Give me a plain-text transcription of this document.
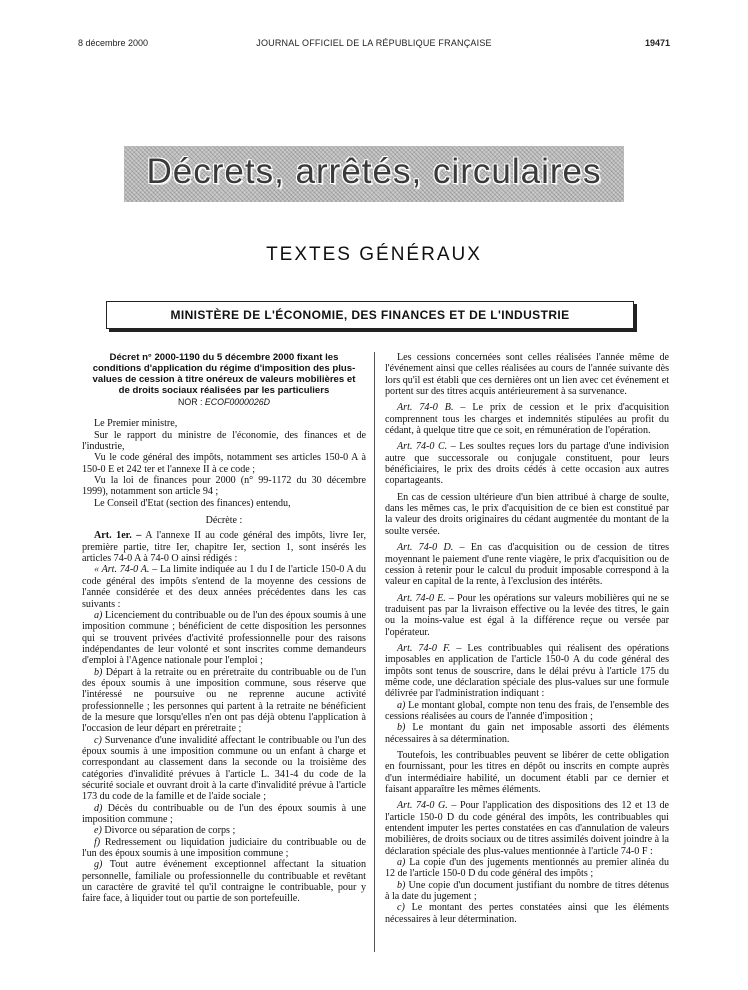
8 décembre 2000	JOURNAL OFFICIEL DE LA RÉPUBLIQUE FRANÇAISE	19471
Décrets, arrêtés, circulaires
TEXTES GÉNÉRAUX
MINISTÈRE DE L'ÉCONOMIE, DES FINANCES ET DE L'INDUSTRIE
Décret n° 2000-1190 du 5 décembre 2000 fixant les conditions d'application du régime d'imposition des plus-values de cession à titre onéreux de valeurs mobilières et de droits sociaux réalisées par les particuliers
NOR : ECOF0000026D

Le Premier ministre,

Sur le rapport du ministre de l'économie, des finances et de l'industrie,

Vu le code général des impôts, notamment ses articles 150-0 A à 150-0 E et 242 ter et l'annexe II à ce code ;

Vu la loi de finances pour 2000 (n° 99-1172 du 30 décembre 1999), notamment son article 94 ;

Le Conseil d'Etat (section des finances) entendu,

Décrète :

Art. 1er. – A l'annexe II au code général des impôts, livre Ier, première partie, titre Ier, chapitre Ier, section 1, sont insérés les articles 74-0 A à 74-0 O ainsi rédigés :

« Art. 74-0 A. – La limite indiquée au 1 du I de l'article 150-0 A du code général des impôts s'entend de la moyenne des cessions de l'année considérée et des deux années précédentes dans les cas suivants :

a) Licenciement du contribuable ou de l'un des époux soumis à une imposition commune ; bénéficient de cette disposition les personnes qui se trouvent privées d'activité professionnelle pour des raisons indépendantes de leur volonté et sont inscrites comme demandeurs d'emploi à l'Agence nationale pour l'emploi ;

b) Départ à la retraite ou en préretraite du contribuable ou de l'un des époux soumis à une imposition commune, sous réserve que l'intéressé ne poursuive ou ne reprenne aucune activité professionnelle ; les personnes qui partent à la retraite ne bénéficient de la mesure que lorsqu'elles n'en ont pas déjà obtenu l'application à l'occasion de leur départ en préretraite ;

c) Survenance d'une invalidité affectant le contribuable ou l'un des époux soumis à une imposition commune ou un enfant à charge et correspondant au classement dans la seconde ou la troisième des catégories d'invalidité prévues à l'article L. 341-4 du code de la sécurité sociale et ouvrant droit à la carte d'invalidité prévue à l'article 173 du code de la famille et de l'aide sociale ;

d) Décès du contribuable ou de l'un des époux soumis à une imposition commune ;

e) Divorce ou séparation de corps ;

f) Redressement ou liquidation judiciaire du contribuable ou de l'un des époux soumis à une imposition commune ;

g) Tout autre événement exceptionnel affectant la situation personnelle, familiale ou professionnelle du contribuable et revêtant un caractère de gravité tel qu'il contraigne le contribuable, pour y faire face, à liquider tout ou partie de son portefeuille.

Les cessions concernées sont celles réalisées l'année même de l'événement ainsi que celles réalisées au cours de l'année suivante dès lors qu'il est établi que ces dernières ont un lien avec cet événement et portent sur des titres acquis antérieurement à sa survenance.

Art. 74-0 B. – Le prix de cession et le prix d'acquisition comprennent tous les charges et indemnités stipulées au profit du cédant, à quelque titre que ce soit, en rémunération de l'opération.

Art. 74-0 C. – Les soultes reçues lors du partage d'une indivision autre que successorale ou conjugale constituent, pour leurs bénéficiaires, le prix des droits cédés à cette occasion aux autres copartageants.

En cas de cession ultérieure d'un bien attribué à charge de soulte, dans les mêmes cas, le prix d'acquisition de ce bien est constitué par la valeur des droits originaires du cédant augmentée du montant de la soulte versée.

Art. 74-0 D. – En cas d'acquisition ou de cession de titres moyennant le paiement d'une rente viagère, le prix d'acquisition ou de cession à retenir pour le calcul du produit imposable correspond à la valeur en capital de la rente, à l'exclusion des intérêts.

Art. 74-0 E. – Pour les opérations sur valeurs mobilières qui ne se traduisent pas par la livraison effective ou la levée des titres, le gain ou la moins-value est égal à la différence reçue ou versée par l'opérateur.

Art. 74-0 F. – Les contribuables qui réalisent des opérations imposables en application de l'article 150-0 A du code général des impôts sont tenus de souscrire, dans le délai prévu à l'article 175 du même code, une déclaration spéciale des plus-values sur une formule délivrée par l'administration indiquant :

a) Le montant global, compte non tenu des frais, de l'ensemble des cessions réalisées au cours de l'année d'imposition ;

b) Le montant du gain net imposable assorti des éléments nécessaires à sa détermination.

Toutefois, les contribuables peuvent se libérer de cette obligation en fournissant, pour les titres en dépôt ou inscrits en compte auprès d'un intermédiaire habilité, un document établi par ce dernier et faisant apparaître les mêmes éléments.

Art. 74-0 G. – Pour l'application des dispositions des 12 et 13 de l'article 150-0 D du code général des impôts, les contribuables qui entendent imputer les pertes constatées en cas d'annulation de valeurs mobilières, de droits sociaux ou de titres assimilés doivent joindre à la déclaration spéciale des plus-values mentionnée à l'article 74-0 F :

a) La copie d'un des jugements mentionnés au premier alinéa du 12 de l'article 150-0 D du code général des impôts ;

b) Une copie d'un document justifiant du nombre de titres détenus à la date du jugement ;

c) Le montant des pertes constatées ainsi que les éléments nécessaires à leur détermination.
